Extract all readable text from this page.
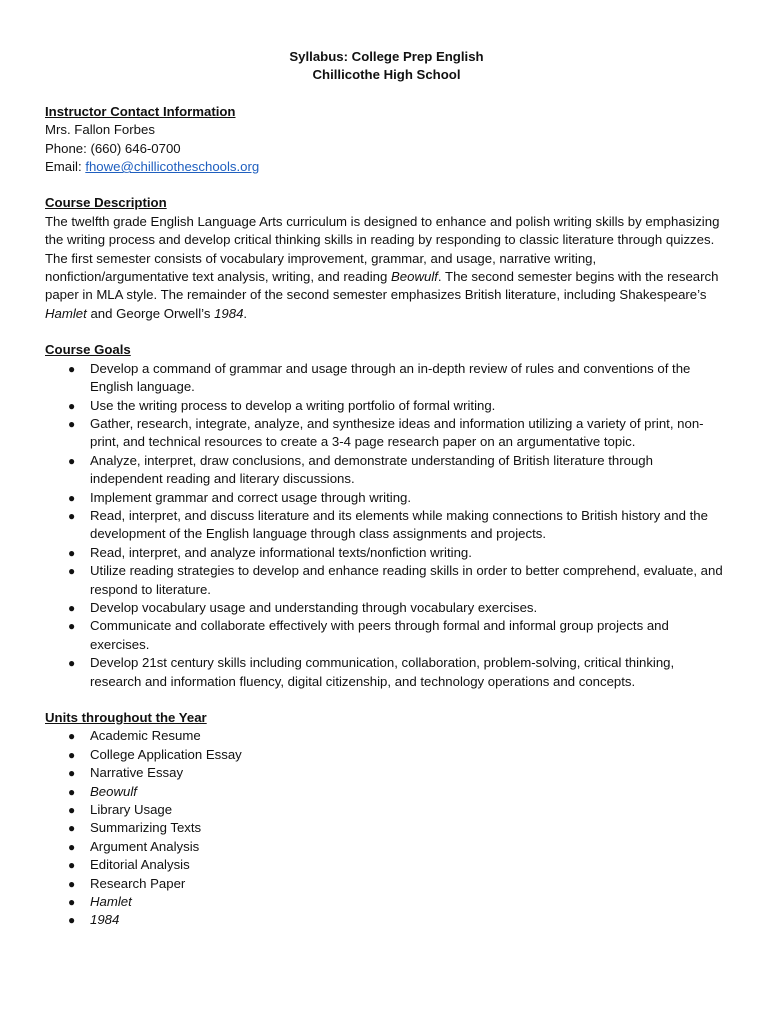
Syllabus: College Prep English
Chillicothe High School
Instructor Contact Information
Mrs. Fallon Forbes
Phone: (660) 646-0700
Email: fhowe@chillicotheschools.org
Course Description

The twelfth grade English Language Arts curriculum is designed to enhance and polish writing skills by emphasizing the writing process and develop critical thinking skills in reading by responding to classic literature through quizzes. The first semester consists of vocabulary improvement, grammar, and usage, narrative writing, nonfiction/argumentative text analysis, writing, and reading Beowulf. The second semester begins with the research paper in MLA style. The remainder of the second semester emphasizes British literature, including Shakespeare’s Hamlet and George Orwell’s 1984.

Course Goals
● Develop a command of grammar and usage through an in-depth review of rules and conventions of the English language.
● Use the writing process to develop a writing portfolio of formal writing.
● Gather, research, integrate, analyze, and synthesize ideas and information utilizing a variety of print, non-print, and technical resources to create a 3-4 page research paper on an argumentative topic.
● Analyze, interpret, draw conclusions, and demonstrate understanding of British literature through independent reading and literary discussions.
● Implement grammar and correct usage through writing.
● Read, interpret, and discuss literature and its elements while making connections to British history and the development of the English language through class assignments and projects.
● Read, interpret, and analyze informational texts/nonfiction writing.
● Utilize reading strategies to develop and enhance reading skills in order to better comprehend, evaluate, and respond to literature.
● Develop vocabulary usage and understanding through vocabulary exercises.
● Communicate and collaborate effectively with peers through formal and informal group projects and exercises.
● Develop 21st century skills including communication, collaboration, problem-solving, critical thinking, research and information fluency, digital citizenship, and technology operations and concepts.
Units throughout the Year
● Academic Resume
● College Application Essay
● Narrative Essay
● Beowulf
● Library Usage
● Summarizing Texts
● Argument Analysis
● Editorial Analysis
● Research Paper
● Hamlet
● 1984
